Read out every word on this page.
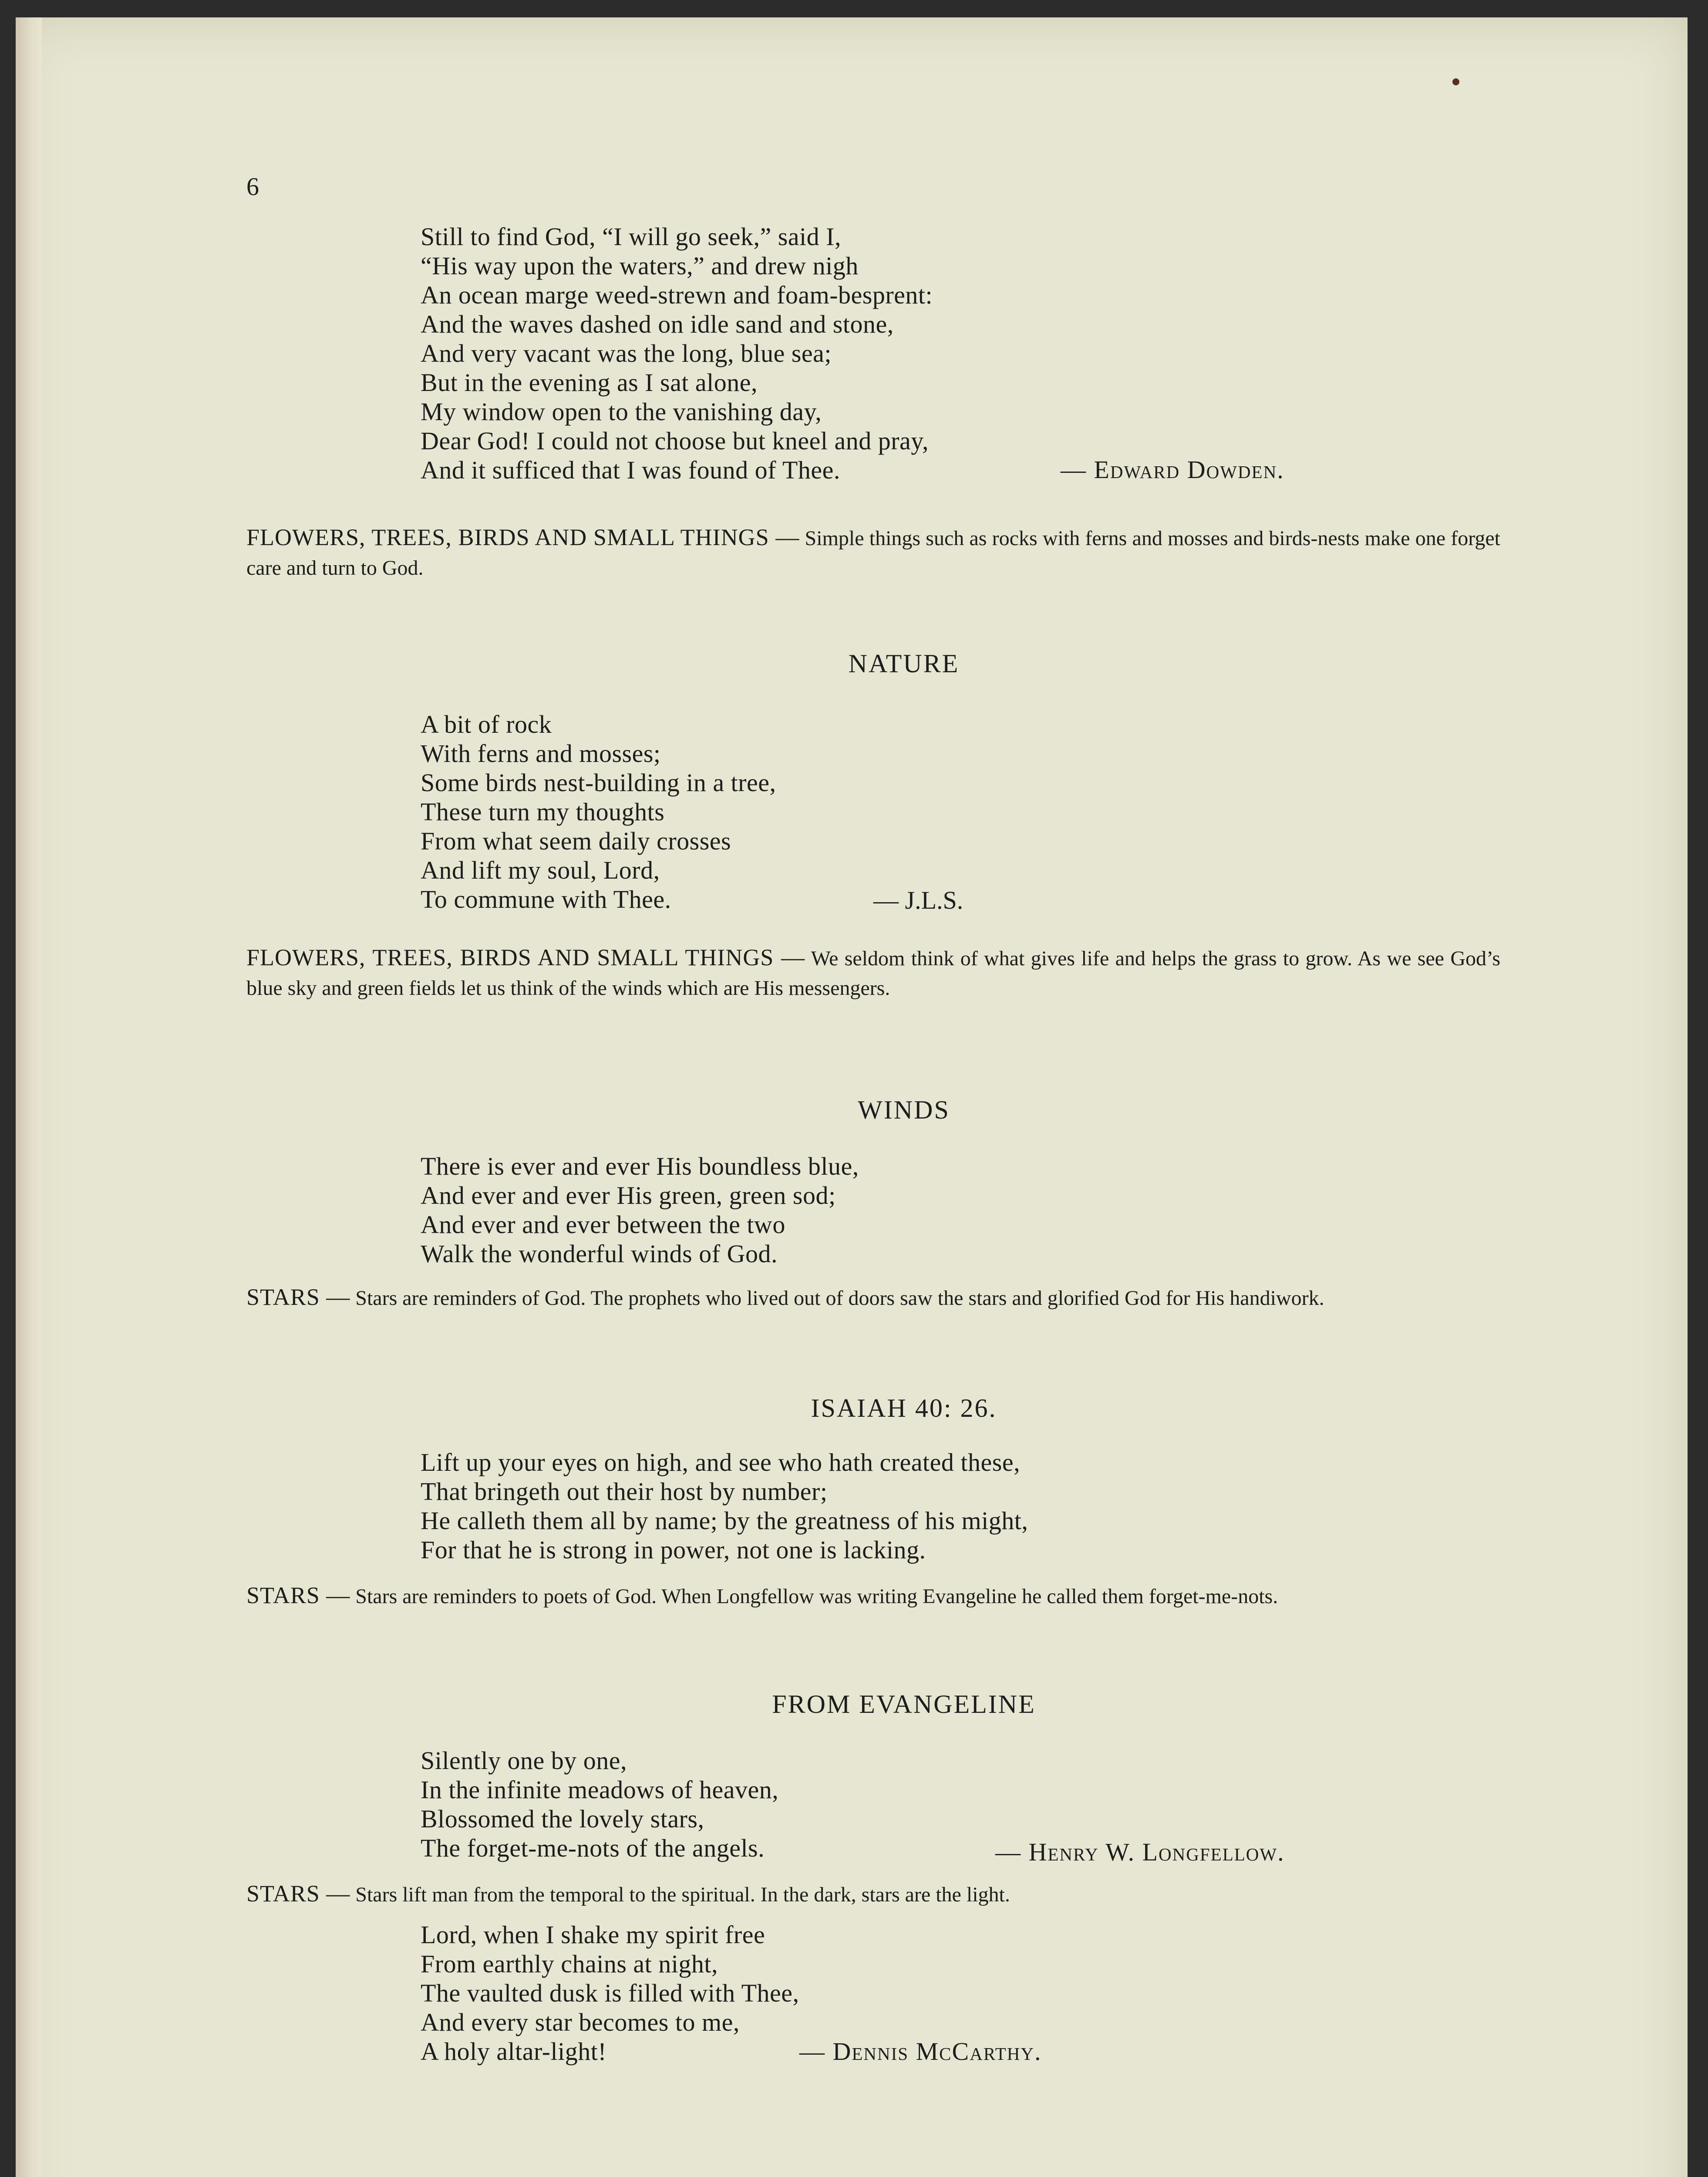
6
Still to find God, “I will go seek,” said I,
“His way upon the waters,” and drew nigh
An ocean marge weed-strewn and foam-besprent:
And the waves dashed on idle sand and stone,
And very vacant was the long, blue sea;
But in the evening as I sat alone,
My window open to the vanishing day,
Dear God! I could not choose but kneel and pray,
And it sufficed that I was found of Thee.	— Edward Dowden.
FLOWERS, TREES, BIRDS AND SMALL THINGS — Simple things such as rocks with ferns and mosses and birds-nests make one forget care and turn to God.
NATURE
A bit of rock
With ferns and mosses;
Some birds nest-building in a tree,
These turn my thoughts
From what seem daily crosses
And lift my soul, Lord,
To commune with Thee.	— J.L.S.
FLOWERS, TREES, BIRDS AND SMALL THINGS — We seldom think of what gives life and helps the grass to grow. As we see God’s blue sky and green fields let us think of the winds which are His messengers.
WINDS
There is ever and ever His boundless blue,
And ever and ever His green, green sod;
And ever and ever between the two
Walk the wonderful winds of God.
STARS — Stars are reminders of God. The prophets who lived out of doors saw the stars and glorified God for His handiwork.
ISAIAH 40: 26.
Lift up your eyes on high, and see who hath created these,
That bringeth out their host by number;
He calleth them all by name; by the greatness of his might,
For that he is strong in power, not one is lacking.
STARS — Stars are reminders to poets of God. When Longfellow was writing Evangeline he called them forget-me-nots.
FROM EVANGELINE
Silently one by one,
In the infinite meadows of heaven,
Blossomed the lovely stars,
The forget-me-nots of the angels.	— Henry W. Longfellow.
STARS — Stars lift man from the temporal to the spiritual. In the dark, stars are the light.
Lord, when I shake my spirit free
From earthly chains at night,
The vaulted dusk is filled with Thee,
And every star becomes to me,
A holy altar-light!	— Dennis McCarthy.
